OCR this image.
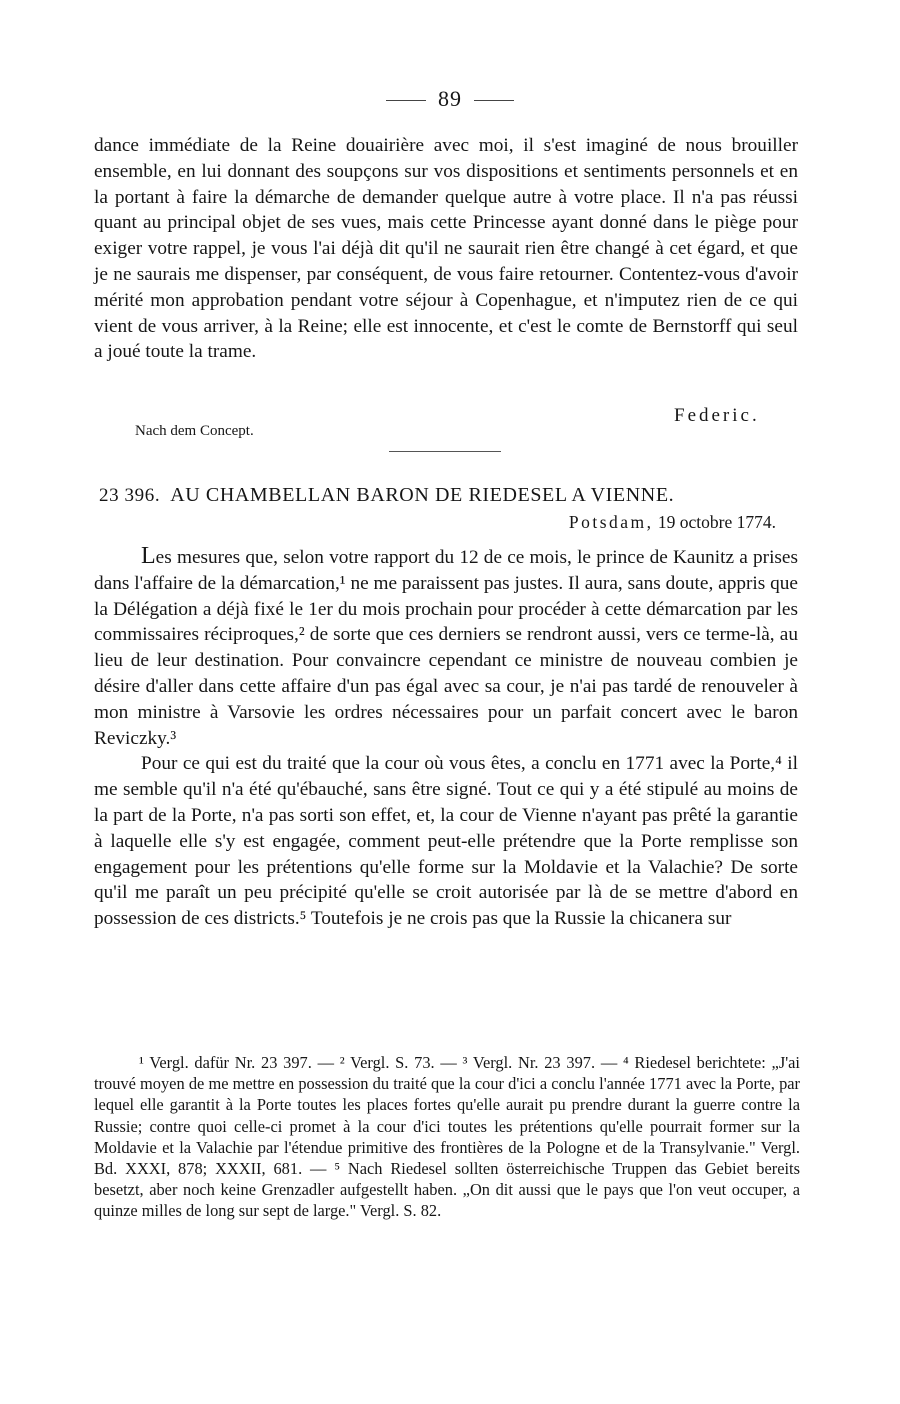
89

dance immédiate de la Reine douairière avec moi, il s'est imaginé de nous brouiller ensemble, en lui donnant des soupçons sur vos dispositions et sentiments personnels et en la portant à faire la démarche de demander quelque autre à votre place. Il n'a pas réussi quant au principal objet de ses vues, mais cette Princesse ayant donné dans le piège pour exiger votre rappel, je vous l'ai déjà dit qu'il ne saurait rien être changé à cet égard, et que je ne saurais me dispenser, par conséquent, de vous faire retourner. Contentez-vous d'avoir mérité mon approbation pendant votre séjour à Copenhague, et n'imputez rien de ce qui vient de vous arriver, à la Reine; elle est innocente, et c'est le comte de Bernstorff qui seul a joué toute la trame.

Federic.
Nach dem Concept.
23 396. AU CHAMBELLAN BARON DE RIEDESEL A VIENNE.
Potsdam, 19 octobre 1774.

Les mesures que, selon votre rapport du 12 de ce mois, le prince de Kaunitz a prises dans l'affaire de la démarcation,¹ ne me paraissent pas justes. Il aura, sans doute, appris que la Délégation a déjà fixé le 1er du mois prochain pour procéder à cette démarcation par les commissaires réciproques,² de sorte que ces derniers se rendront aussi, vers ce terme-là, au lieu de leur destination. Pour convaincre cependant ce ministre de nouveau combien je désire d'aller dans cette affaire d'un pas égal avec sa cour, je n'ai pas tardé de renouveler à mon ministre à Varsovie les ordres nécessaires pour un parfait concert avec le baron Reviczky.³

Pour ce qui est du traité que la cour où vous êtes, a conclu en 1771 avec la Porte,⁴ il me semble qu'il n'a été qu'ébauché, sans être signé. Tout ce qui y a été stipulé au moins de la part de la Porte, n'a pas sorti son effet, et, la cour de Vienne n'ayant pas prêté la garantie à laquelle elle s'y est engagée, comment peut-elle prétendre que la Porte remplisse son engagement pour les prétentions qu'elle forme sur la Moldavie et la Valachie? De sorte qu'il me paraît un peu précipité qu'elle se croit autorisée par là de se mettre d'abord en possession de ces districts.⁵ Toutefois je ne crois pas que la Russie la chicanera sur

¹ Vergl. dafür Nr. 23 397. — ² Vergl. S. 73. — ³ Vergl. Nr. 23 397. — ⁴ Riedesel berichtete: „J'ai trouvé moyen de me mettre en possession du traité que la cour d'ici a conclu l'année 1771 avec la Porte, par lequel elle garantit à la Porte toutes les places fortes qu'elle aurait pu prendre durant la guerre contre la Russie; contre quoi celle-ci promet à la cour d'ici toutes les prétentions qu'elle pourrait former sur la Moldavie et la Valachie par l'étendue primitive des frontières de la Pologne et de la Transylvanie." Vergl. Bd. XXXI, 878; XXXII, 681. — ⁵ Nach Riedesel sollten österreichische Truppen das Gebiet bereits besetzt, aber noch keine Grenzadler aufgestellt haben. „On dit aussi que le pays que l'on veut occuper, a quinze milles de long sur sept de large." Vergl. S. 82.
